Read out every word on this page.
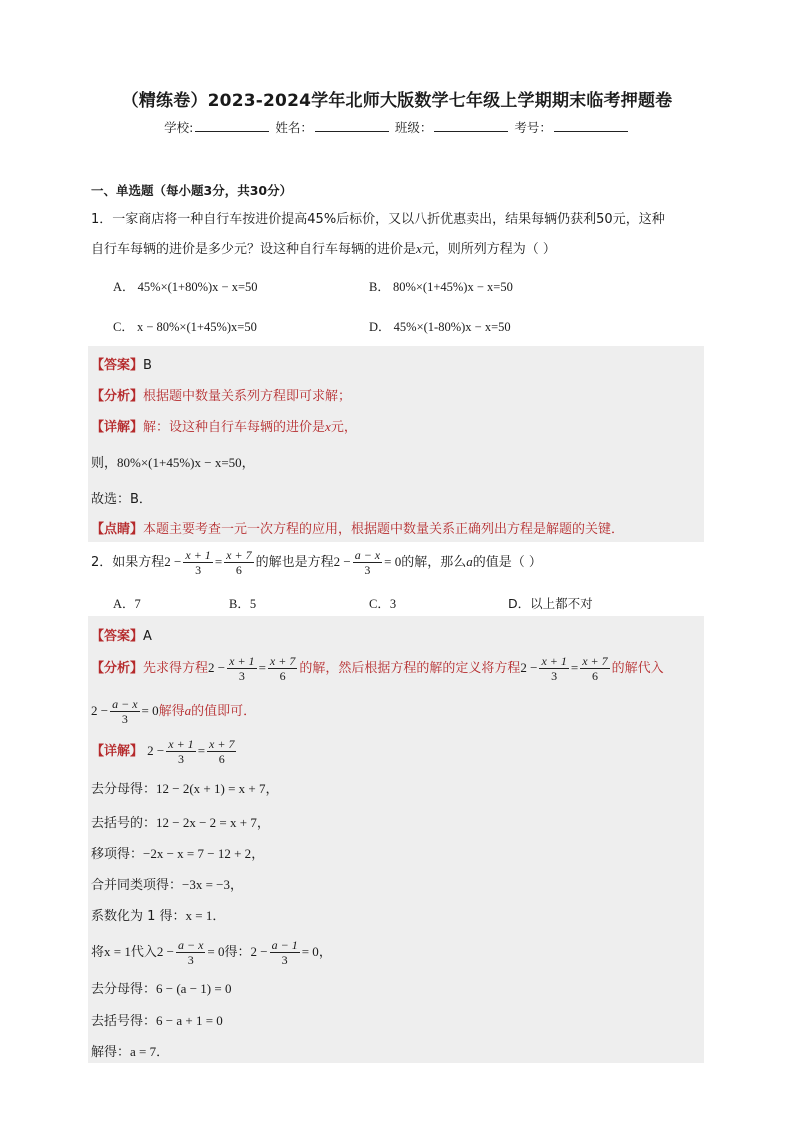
（精练卷）2023-2024学年北师大版数学七年级上学期期末临考押题卷
学校:	姓名：	班级：	考号：
一、单选题（每小题3分，共30分）
1．一家商店将一种自行车按进价提高45%后标价，又以八折优惠卖出，结果每辆仍获利50元，这种
自行车每辆的进价是多少元？设这种自行车每辆的进价是x元，则所列方程为（ ）
A． 45%×(1+80%)x − x=50	B． 80%×(1+45%)x − x=50
C． x − 80%×(1+45%)x=50	D． 45%×(1-80%)x − x=50
【答案】B
【分析】根据题中数量关系列方程即可求解；
【详解】解：设这种自行车每辆的进价是x元，
则，80%×(1+45%)x − x=50，
故选：B．
【点睛】本题主要考查一元一次方程的应用，根据题中数量关系正确列出方程是解题的关键．
2．如果方程$2 - \frac{x + 1}{3} = \frac{x + 7}{6}$ 的解也是方程$2 - \frac{a - x}{3} = 0$的解，那么a的值是（ ）
A．7	B．5	C．3	D．以上都不对
【答案】A
【分析】先求得方程$2 - \frac{x + 1}{3} = \frac{x + 7}{6}$ 的解，然后根据方程的解的定义将方程$2 - \frac{x + 1}{3} = \frac{x + 7}{6}$ 的解代入
$2 - \frac{a - x}{3} = 0$解得a的值即可．
【详解】 $2 - \frac{x + 1}{3} = \frac{x + 7}{6}$
去分母得：12 − 2(x + 1) = x + 7，
去括号的：12 − 2x − 2 = x + 7，
移项得：−2x − x = 7 − 12 + 2，
合并同类项得：−3x = −3，
系数化为 1 得：x = 1．
将x = 1代入$2 - \frac{a - x}{3} = 0$得：$2 - \frac{a - 1}{3} = 0$，
去分母得：6 − (a − 1) = 0
去括号得：6 − a + 1 = 0
解得：a = 7．
